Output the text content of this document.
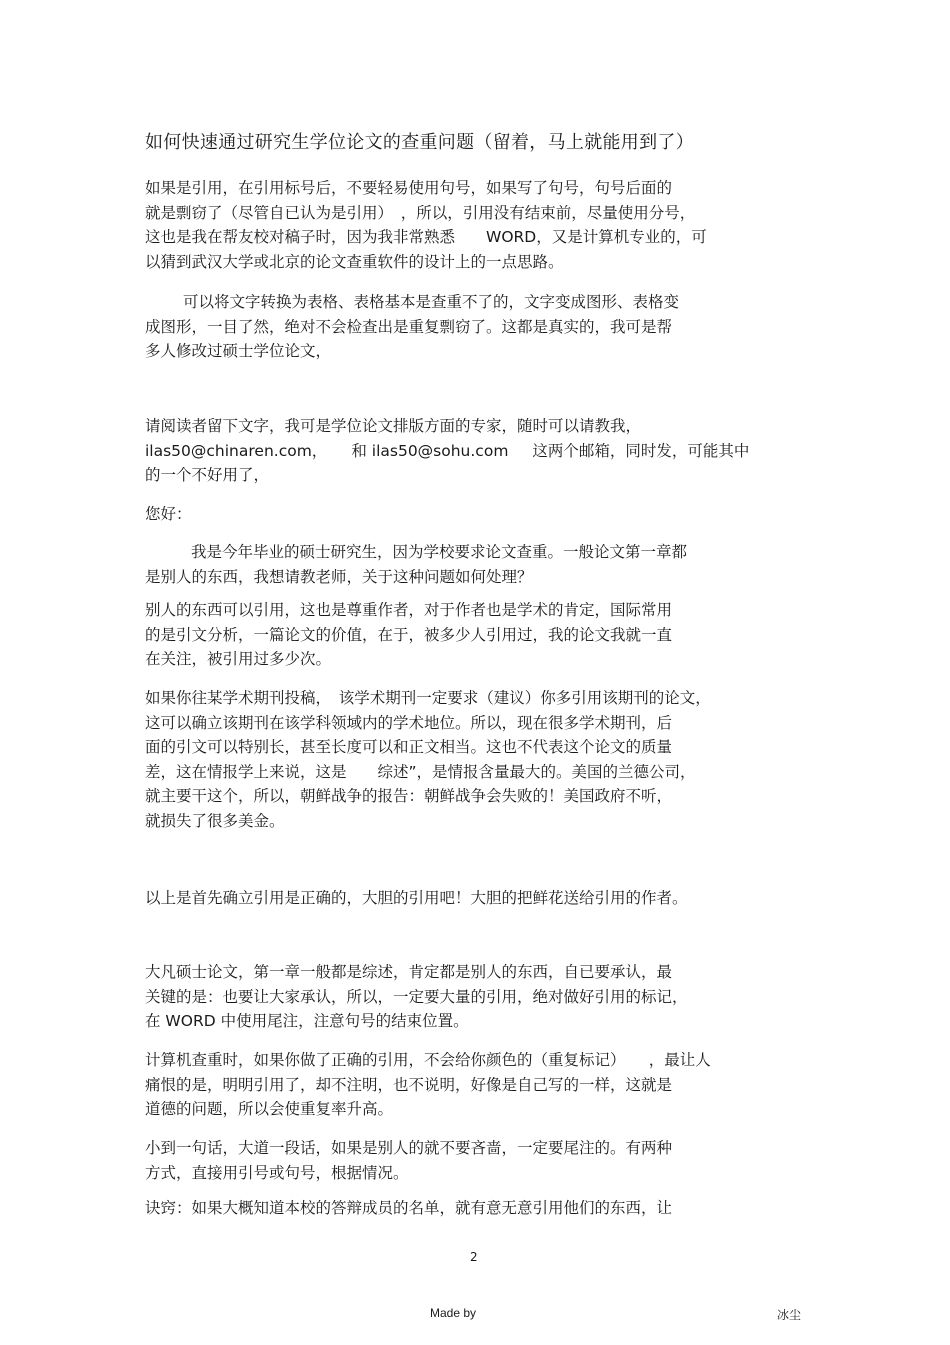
如何快速通过研究生学位论文的查重问题（留着，马上就能用到了）
如果是引用，在引用标号后，不要轻易使用句号，如果写了句号，句号后面的
就是剽窃了（尽管自已认为是引用）　，所以，引用没有结束前，尽量使用分号，
这也是我在帮友校对稿子时，因为我非常熟悉　　WORD，又是计算机专业的，可
以猜到武汉大学或北京的论文查重软件的设计上的一点思路。
可以将文字转换为表格、表格基本是查重不了的，文字变成图形、表格变
成图形，一目了然，绝对不会检查出是重复剽窃了。这都是真实的，我可是帮
多人修改过硕士学位论文，
请阅读者留下文字，我可是学位论文排版方面的专家，随时可以请教我，
ilas50@chinaren.com， 和 ilas50@sohu.com 这两个邮箱，同时发，可能其中
的一个不好用了，
您好：
我是今年毕业的硕士研究生，因为学校要求论文查重。一般论文第一章都
是别人的东西，我想请教老师，关于这种问题如何处理？
别人的东西可以引用，这也是尊重作者，对于作者也是学术的肯定，国际常用
的是引文分析，一篇论文的价值，在于，被多少人引用过，我的论文我就一直
在关注，被引用过多少次。
如果你往某学术期刊投稿，　该学术期刊一定要求（建议）你多引用该期刊的论文，
这可以确立该期刊在该学科领域内的学术地位。所以，现在很多学术期刊，后
面的引文可以特别长，甚至长度可以和正文相当。这也不代表这个论文的质量
差，这在情报学上来说，这是　　综述”，是情报含量最大的。美国的兰德公司，
就主要干这个，所以，朝鲜战争的报告：朝鲜战争会失败的！美国政府不听，
就损失了很多美金。
以上是首先确立引用是正确的，大胆的引用吧！大胆的把鲜花送给引用的作者。
大凡硕士论文，第一章一般都是综述，肯定都是别人的东西，自已要承认，最
关键的是：也要让大家承认，所以，一定要大量的引用，绝对做好引用的标记，
在 WORD 中使用尾注，注意句号的结束位置。
计算机查重时，如果你做了正确的引用，不会给你颜色的（重复标记）　　，最让人
痛恨的是，明明引用了，却不注明，也不说明，好像是自己写的一样，这就是
道德的问题，所以会使重复率升高。
小到一句话，大道一段话，如果是别人的就不要吝啬，一定要尾注的。有两种
方式，直接用引号或句号，根据情况。
诀窍：如果大概知道本校的答辩成员的名单，就有意无意引用他们的东西，让
2
Made by	冰尘
